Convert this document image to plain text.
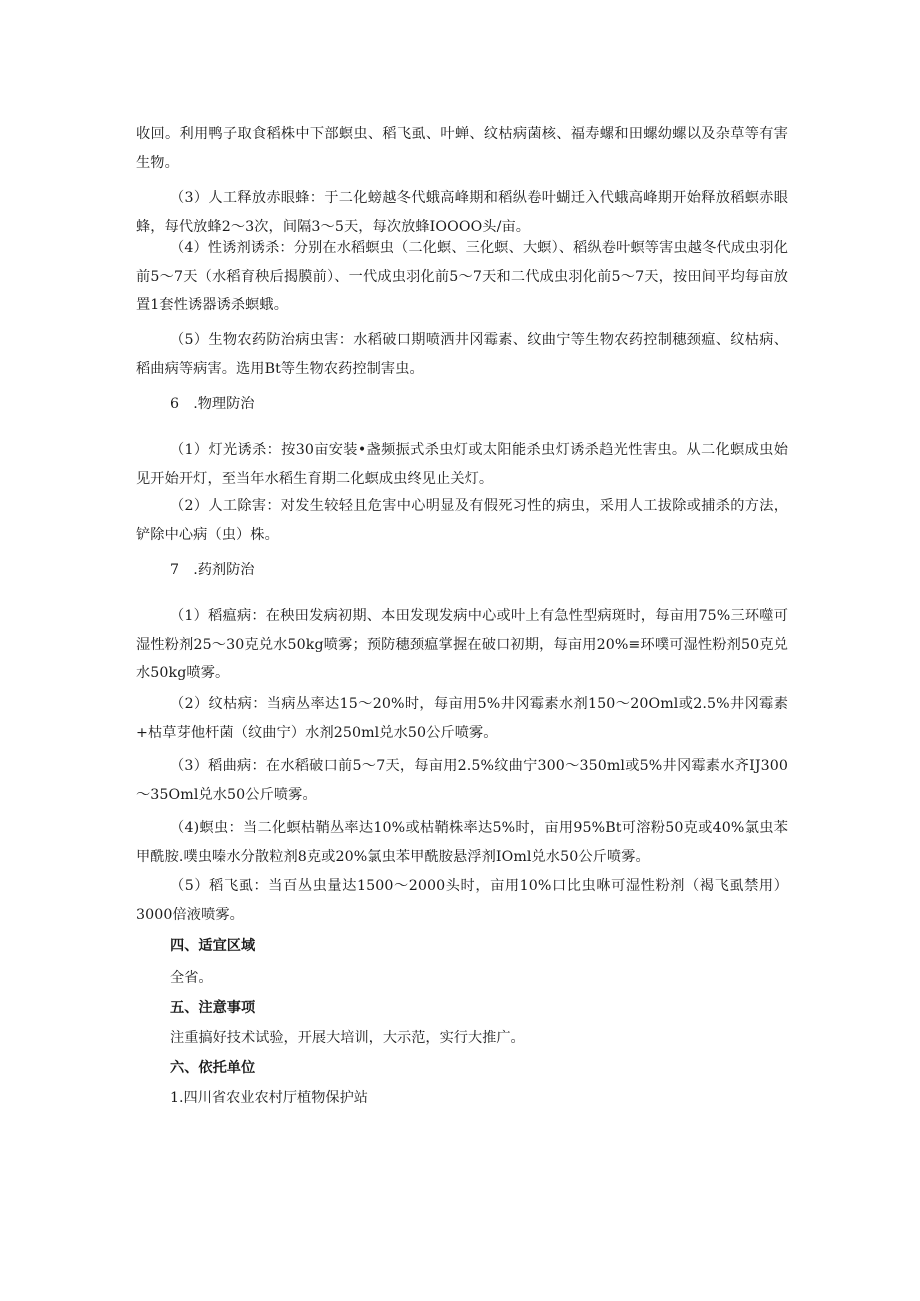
收回。利用鸭子取食稻株中下部螟虫、稻飞虱、叶蝉、纹枯病菌核、福寿螺和田螺幼螺以及杂草等有害生物。

（3）人工释放赤眼蜂：于二化螃越冬代蛾高峰期和稻纵卷叶蝴迁入代蛾高峰期开始释放稻螟赤眼蜂，每代放蜂2～3次，间隔3～5天，每次放蜂IOOOO头/亩。

（4）性诱剂诱杀：分别在水稻螟虫（二化螟、三化螟、大螟）、稻纵卷叶螟等害虫越冬代成虫羽化前5～7天（水稻育秧后揭膜前）、一代成虫羽化前5～7天和二代成虫羽化前5～7天，按田间平均每亩放置1套性诱器诱杀螟蛾。

（5）生物农药防治病虫害：水稻破口期喷洒井冈霉素、纹曲宁等生物农药控制穗颈瘟、纹枯病、稻曲病等病害。选用Bt等生物农药控制害虫。

6　.物理防治

（1）灯光诱杀：按30亩安装•盏频振式杀虫灯或太阳能杀虫灯诱杀趋光性害虫。从二化螟成虫始见开始开灯，至当年水稻生育期二化螟成虫终见止关灯。

（2）人工除害：对发生较轻且危害中心明显及有假死习性的病虫，采用人工拔除或捕杀的方法，铲除中心病（虫）株。

7　.药剂防治

（1）稻瘟病：在秧田发病初期、本田发现发病中心或叶上有急性型病斑时，每亩用75%三环噬可湿性粉剂25～30克兑水50kg喷雾；预防穗颈瘟掌握在破口初期，每亩用20%≡环噗可湿性粉剂50克兑水50kg喷雾。

（2）纹枯病：当病丛率达15～20%时，每亩用5%井冈霉素水剂150～20Oml或2.5%井冈霉素+枯草芽他杆菌（纹曲宁）水剂250ml兑水50公斤喷雾。

（3）稻曲病：在水稻破口前5～7天，每亩用2.5%纹曲宁300～350ml或5%井冈霉素水齐IJ300～35Oml兑水50公斤喷雾。

（4)螟虫：当二化螟枯鞘丛率达10%或枯鞘株率达5%时，亩用95%Bt可溶粉50克或40%氯虫苯甲酰胺.噗虫嗪水分散粒剂8克或20%氯虫苯甲酰胺悬浮剂IOml兑水50公斤喷雾。

（5）稻飞虱：当百丛虫量达1500～2000头时，亩用10%口比虫咻可湿性粉剂（褐飞虱禁用）3000倍液喷雾。

四、适宜区域

全省。

五、注意事项

注重搞好技术试验，开展大培训，大示范，实行大推广。

六、依托单位

1.四川省农业农村厅植物保护站
